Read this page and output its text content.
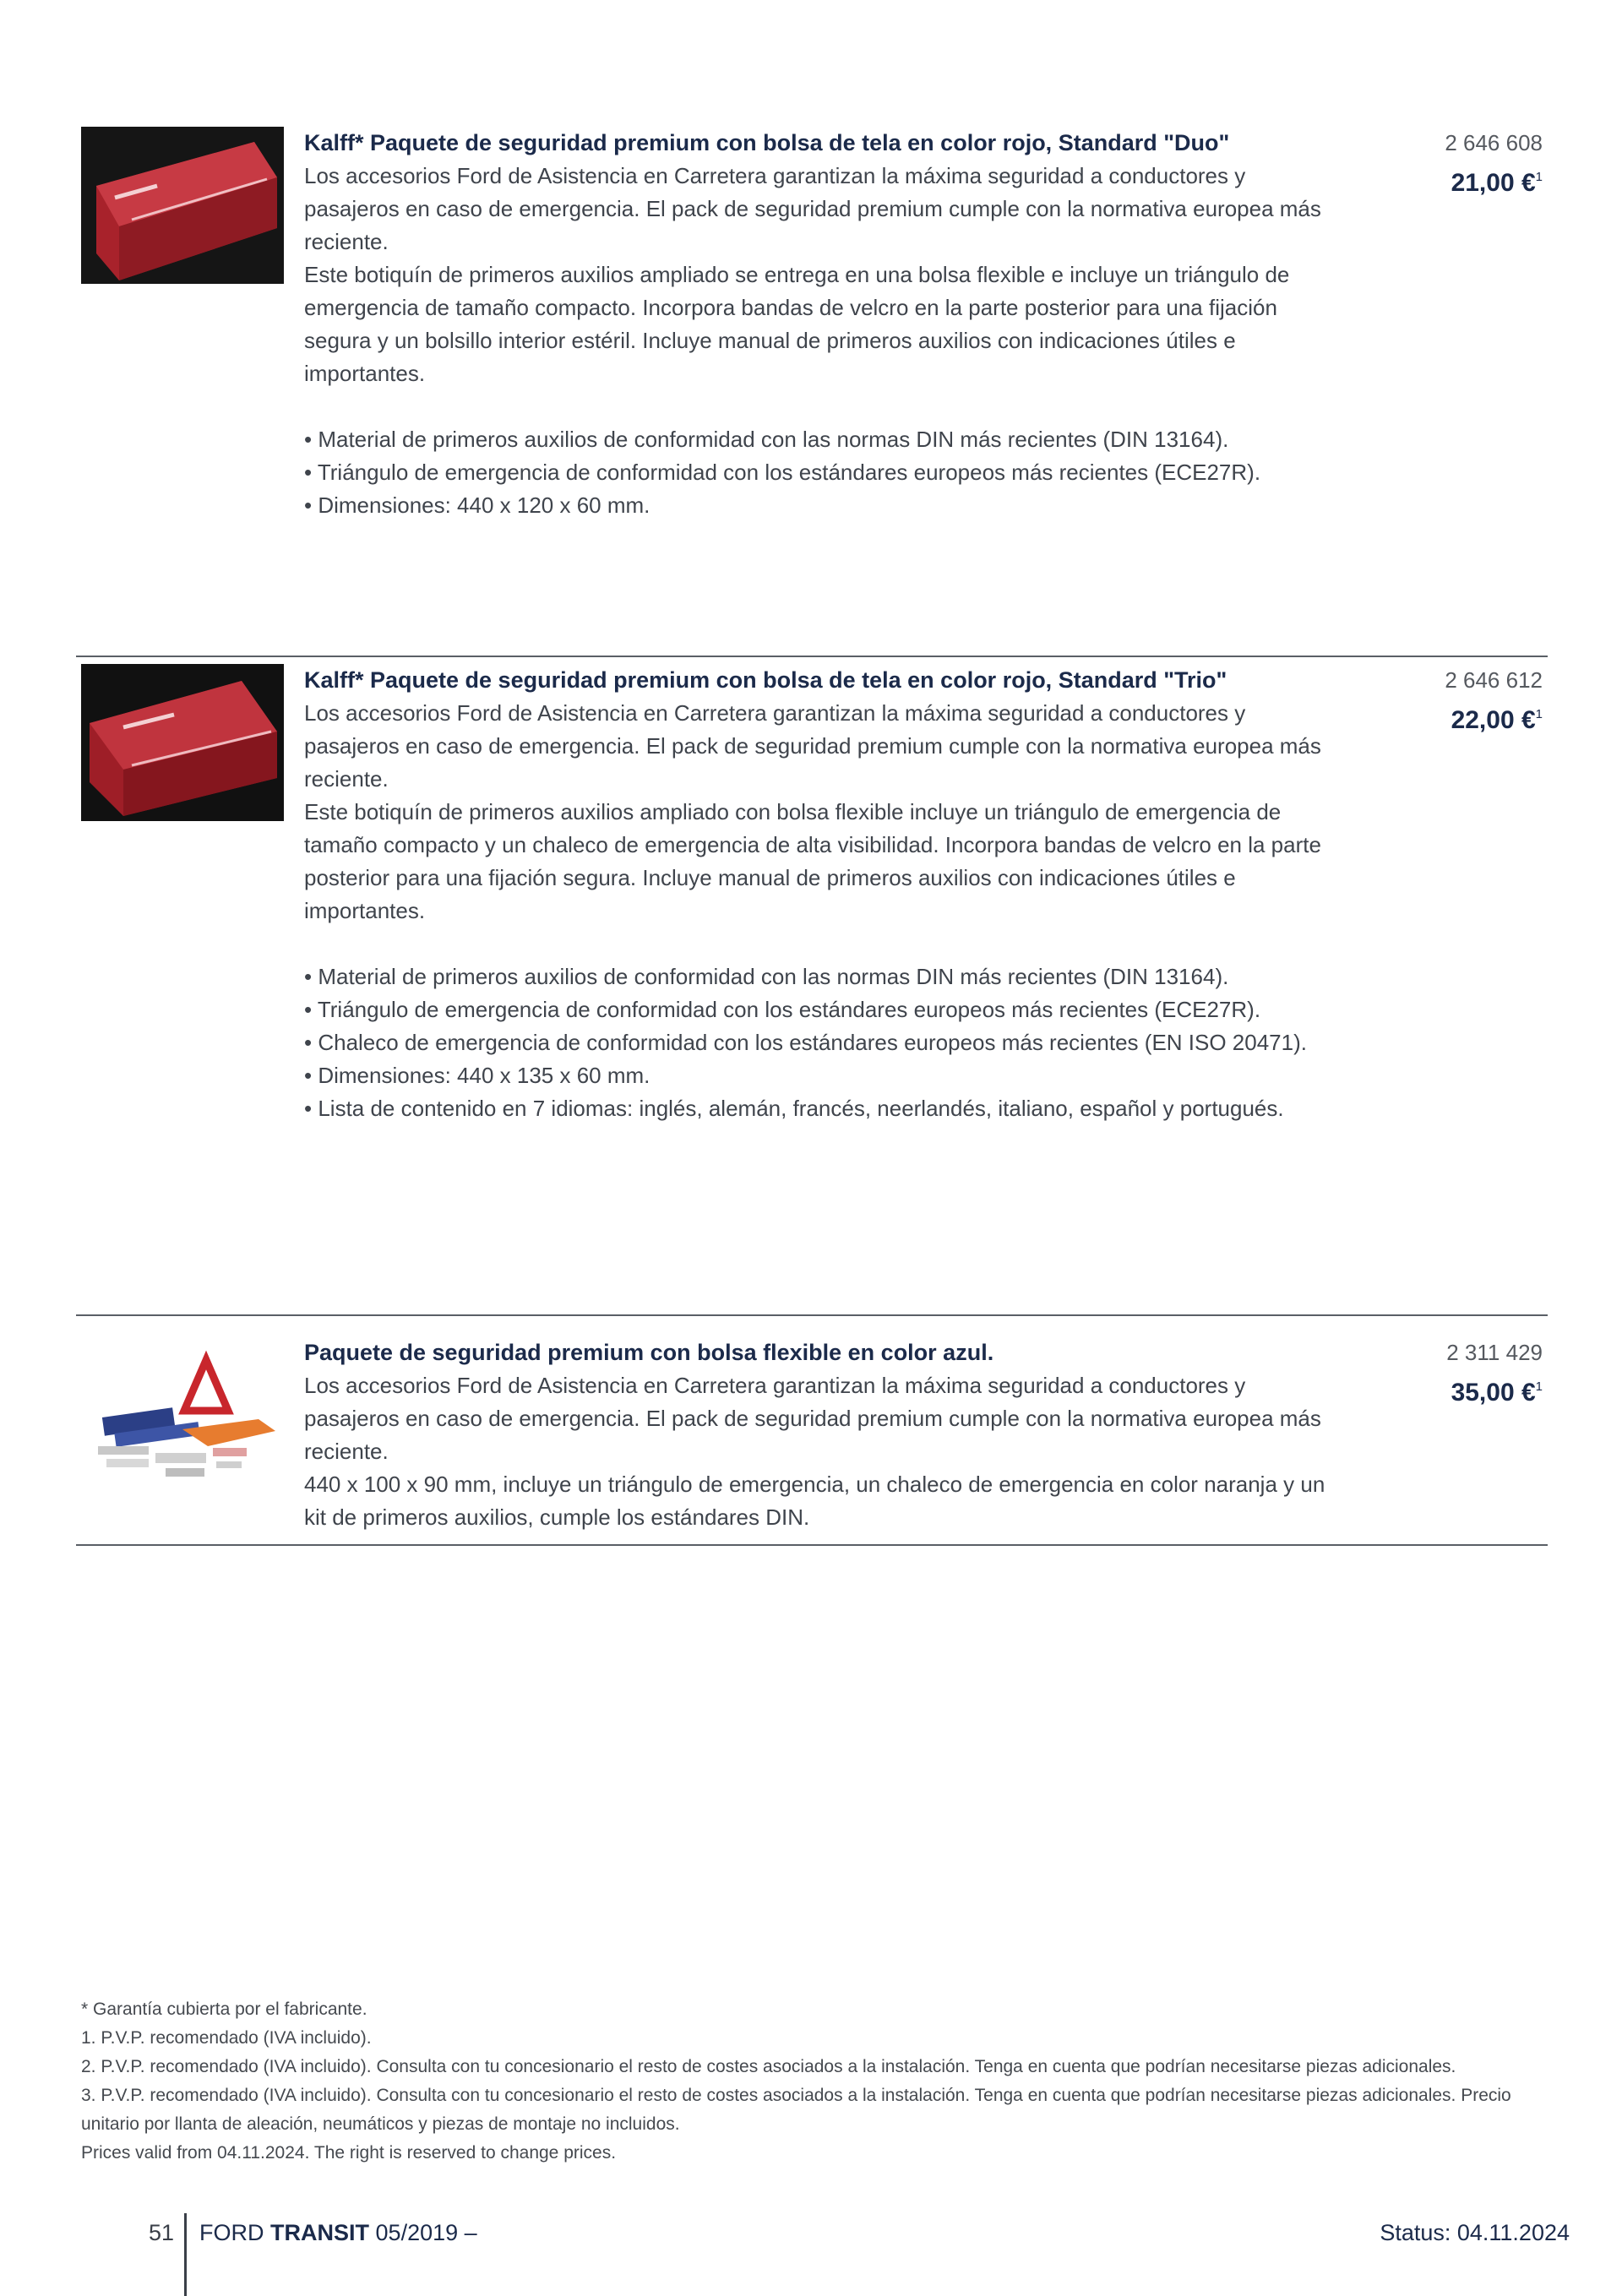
Kalff* Paquete de seguridad premium con bolsa de tela en color rojo, Standard "Duo"

Los accesorios Ford de Asistencia en Carretera garantizan la máxima seguridad a conductores y pasajeros en caso de emergencia. El pack de seguridad premium cumple con la normativa europea más reciente.

Este botiquín de primeros auxilios ampliado se entrega en una bolsa flexible e incluye un triángulo de emergencia de tamaño compacto. Incorpora bandas de velcro en la parte posterior para una fijación segura y un bolsillo interior estéril. Incluye manual de primeros auxilios con indicaciones útiles e importantes.

• Material de primeros auxilios de conformidad con las normas DIN más recientes (DIN 13164).

• Triángulo de emergencia de conformidad con los estándares europeos más recientes (ECE27R).

• Dimensiones: 440 x 120 x 60 mm.

2 646 608
21,00 €$^1$

Kalff* Paquete de seguridad premium con bolsa de tela en color rojo, Standard "Trio"

Los accesorios Ford de Asistencia en Carretera garantizan la máxima seguridad a conductores y pasajeros en caso de emergencia. El pack de seguridad premium cumple con la normativa europea más reciente.

Este botiquín de primeros auxilios ampliado con bolsa flexible incluye un triángulo de emergencia de tamaño compacto y un chaleco de emergencia de alta visibilidad. Incorpora bandas de velcro en la parte posterior para una fijación segura. Incluye manual de primeros auxilios con indicaciones útiles e importantes.

• Material de primeros auxilios de conformidad con las normas DIN más recientes (DIN 13164).

• Triángulo de emergencia de conformidad con los estándares europeos más recientes (ECE27R).

• Chaleco de emergencia de conformidad con los estándares europeos más recientes (EN ISO 20471).

• Dimensiones: 440 x 135 x 60 mm.

• Lista de contenido en 7 idiomas: inglés, alemán, francés, neerlandés, italiano, español y portugués.

2 646 612
22,00 €$^1$

Paquete de seguridad premium con bolsa flexible en color azul.

Los accesorios Ford de Asistencia en Carretera garantizan la máxima seguridad a conductores y pasajeros en caso de emergencia. El pack de seguridad premium cumple con la normativa europea más reciente.

440 x 100 x 90 mm, incluye un triángulo de emergencia, un chaleco de emergencia en color naranja y un kit de primeros auxilios, cumple los estándares DIN.

2 311 429
35,00 €$^1$

* Garantía cubierta por el fabricante.

1. P.V.P. recomendado (IVA incluido).

2. P.V.P. recomendado (IVA incluido). Consulta con tu concesionario el resto de costes asociados a la instalación. Tenga en cuenta que podrían necesitarse piezas adicionales.

3. P.V.P. recomendado (IVA incluido). Consulta con tu concesionario el resto de costes asociados a la instalación. Tenga en cuenta que podrían necesitarse piezas adicionales. Precio unitario por llanta de aleación, neumáticos y piezas de montaje no incluidos.

Prices valid from 04.11.2024. The right is reserved to change prices.

51 FORD TRANSIT 05/2019 –	Status: 04.11.2024
